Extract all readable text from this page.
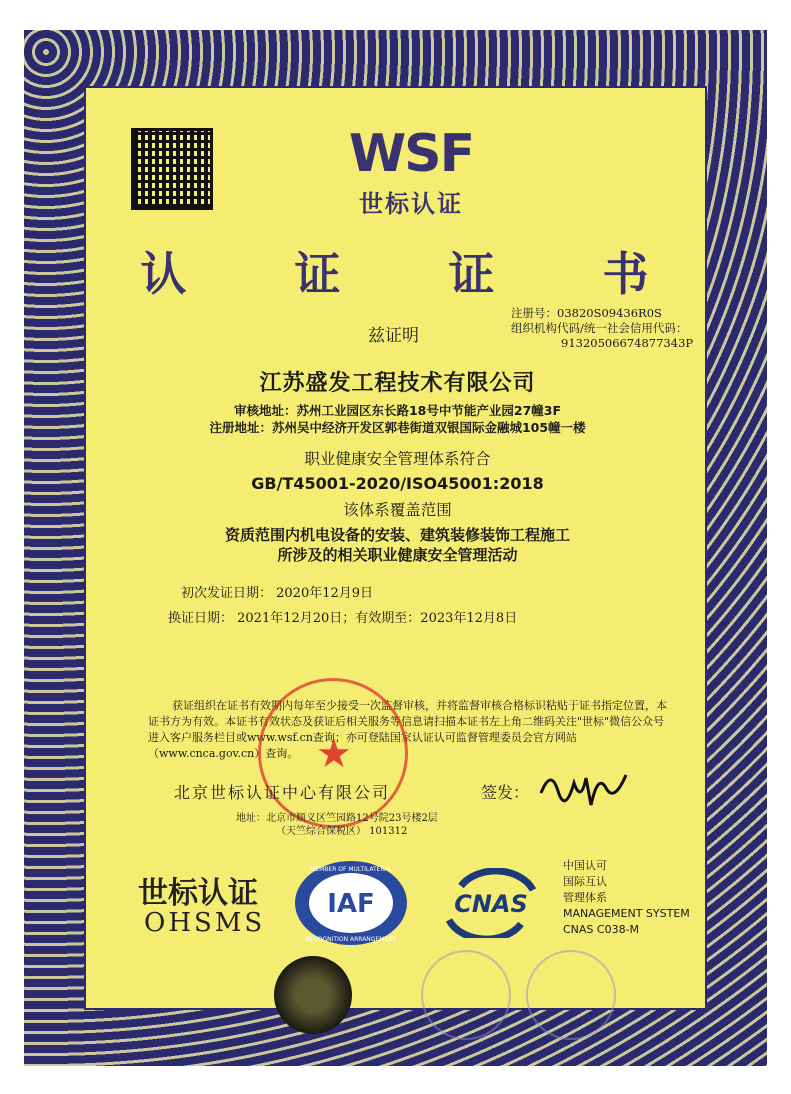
WSF
世标认证
认 证 证 书
兹证明
注册号：03820S09436R0S
组织机构代码/统一社会信用代码：
91320506674877343P
江苏盛发工程技术有限公司
审核地址：苏州工业园区东长路18号中节能产业园27幢3F
注册地址：苏州吴中经济开发区郭巷街道双银国际金融城105幢一楼
职业健康安全管理体系符合
GB/T45001-2020/ISO45001:2018
该体系覆盖范围
资质范围内机电设备的安装、建筑装修装饰工程施工
所涉及的相关职业健康安全管理活动
初次发证日期： 2020年12月9日
换证日期： 2021年12月20日；有效期至：2023年12月8日
获证组织在证书有效期内每年至少接受一次监督审核，并将监督审核合格标识粘贴于证书指定位置，本证书方为有效。本证书有效状态及获证后相关服务等信息请扫描本证书左上角二维码关注"世标"微信公众号进入客户服务栏目或www.wsf.cn查询；亦可登陆国家认证认可监督管理委员会官方网站（www.cnca.gov.cn）查询。 ★
北京世标认证中心有限公司	签发：
地址：北京市顺义区竺园路12号院23号楼2层
（天竺综合保税区） 101312
世标认证
OHSMS
IAF
MEMBER OF MULTILATERAL
RECOGNITION ARRANGEMENT
CNAS
中国认可
国际互认
管理体系
MANAGEMENT SYSTEM
CNAS C038-M
